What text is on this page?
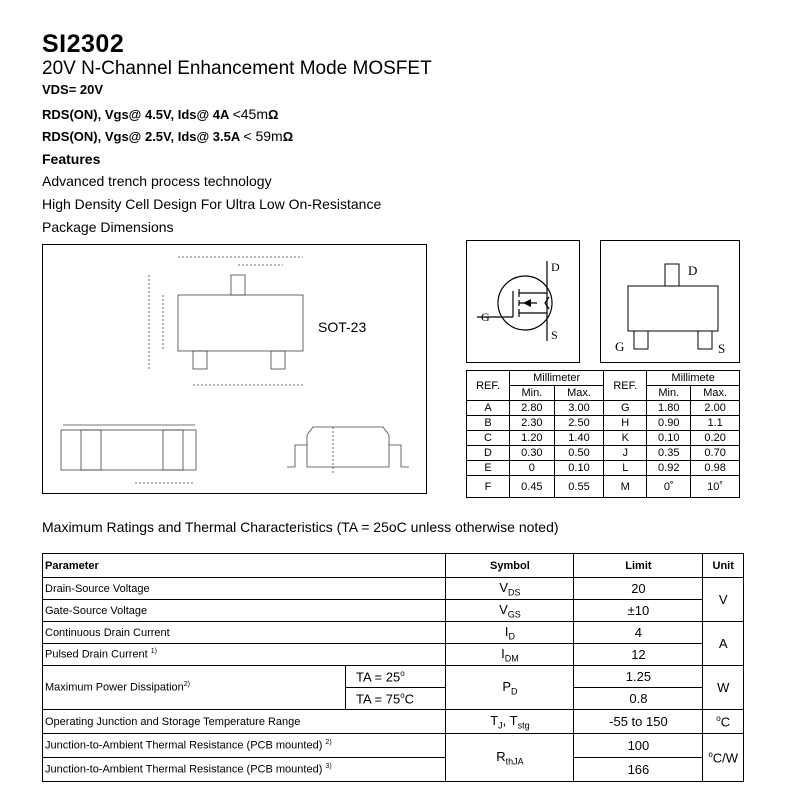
SI2302
20V N-Channel Enhancement Mode MOSFET
VDS= 20V
RDS(ON), Vgs@ 4.5V, Ids@ 4A <45mΩ
RDS(ON), Vgs@ 2.5V, Ids@ 3.5A < 59mΩ
Features
Advanced trench process technology
High Density Cell Design For Ultra Low On-Resistance
Package Dimensions
SOT-23
D
G
S
D
G	S
REF.	Millimeter		REF.	Millimete	
	Min.	Max.		Min.	Max.
A	2.80	3.00	G	1.80	2.00
B	2.30	2.50	H	0.90	1.1
C	1.20	1.40	K	0.10	0.20
D	0.30	0.50	J	0.35	0.70
E	0	0.10	L	0.92	0.98
F	0.45	0.55	M	0˚	10˚
Maximum Ratings and Thermal Characteristics (TA = 25oC unless otherwise noted)
Parameter		Symbol	Limit	Unit
Drain-Source Voltage		$V_{DS}$	20	V
Gate-Source Voltage		$V_{GS}$	±10	
Continuous Drain Current		$I_D$	4	A
Pulsed Drain Current $^{1)}$		$I_{DM}$	12	
Maximum Power Dissipation$^{2)}$	TA = $25^o$	$P_D$	1.25	W
	TA = $75^oC$		0.8	
Operating Junction and Storage Temperature Range		$T_J$, $T_{stg}$	-55 to 150	$^o$C
Junction-to-Ambient Thermal Resistance (PCB mounted) $^{2)}$		$R_{thJA}$	100	$^o$C/W
Junction-to-Ambient Thermal Resistance (PCB mounted) $^{3)}$			166	
